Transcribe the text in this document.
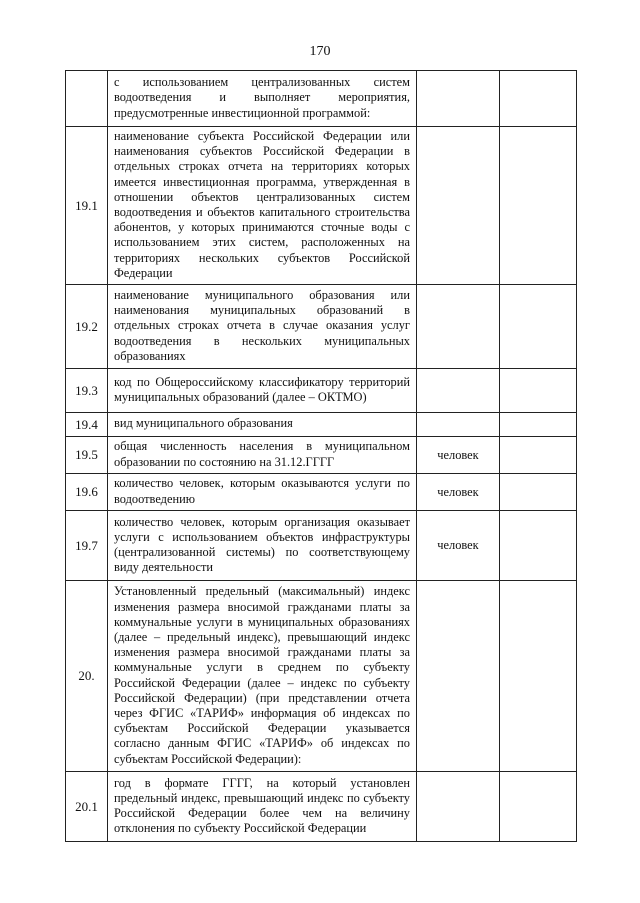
170
	с использованием централизованных систем водоотведения и выполняет мероприятия, предусмотренные инвестиционной программой:		
19.1	наименование субъекта Российской Федерации или наименования субъектов Российской Федерации в отдельных строках отчета на территориях которых имеется инвестиционная программа, утвержденная в отношении объектов централизованных систем водоотведения и объектов капитального строительства абонентов, у которых принимаются сточные воды с использованием этих систем, расположенных на территориях нескольких субъектов Российской Федерации		
19.2	наименование муниципального образования или наименования муниципальных образований в отдельных строках отчета в случае оказания услуг водоотведения в нескольких муниципальных образованиях		
19.3	код по Общероссийскому классификатору территорий муниципальных образований (далее – ОКТМО)		
19.4	вид муниципального образования		
19.5	общая численность населения в муниципальном образовании по состоянию на 31.12.ГГГГ	человек	
19.6	количество человек, которым оказываются услуги по водоотведению	человек	
19.7	количество человек, которым организация оказывает услуги с использованием объектов инфраструктуры (централизованной системы) по соответствующему виду деятельности	человек	
20.	Установленный предельный (максимальный) индекс изменения размера вносимой гражданами платы за коммунальные услуги в муниципальных образованиях (далее – предельный индекс), превышающий индекс изменения размера вносимой гражданами платы за коммунальные услуги в среднем по субъекту Российской Федерации (далее – индекс по субъекту Российской Федерации) (при представлении отчета через ФГИС «ТАРИФ» информация об индексах по субъектам Российской Федерации указывается согласно данным ФГИС «ТАРИФ» об индексах по субъектам Российской Федерации):		
20.1	год в формате ГГГГ, на который установлен предельный индекс, превышающий индекс по субъекту Российской Федерации более чем на величину отклонения по субъекту Российской Федерации		
